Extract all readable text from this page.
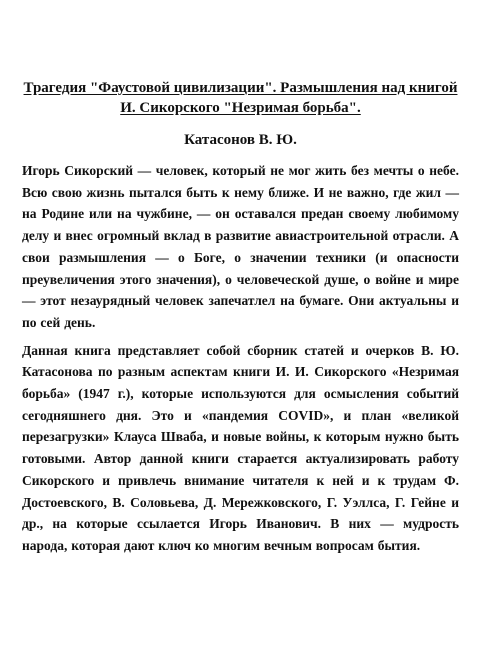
Трагедия "Фаустовой цивилизации". Размышления над книгой И. Сикорского "Незримая борьба".
Катасонов В. Ю.

Игорь Сикорский — человек, который не мог жить без мечты о небе. Всю свою жизнь пытался быть к нему ближе. И не важно, где жил — на Родине или на чужбине, — он оставался предан своему любимому делу и внес огромный вклад в развитие авиастроительной отрасли. А свои размышления — о Боге, о значении техники (и опасности преувеличения этого значения), о человеческой душе, о войне и мире — этот незаурядный человек запечатлел на бумаге. Они актуальны и по сей день.

Данная книга представляет собой сборник статей и очерков В. Ю. Катасонова по разным аспектам книги И. И. Сикорского «Незримая борьба» (1947 г.), которые используются для осмысления событий сегодняшнего дня. Это и «пандемия COVID», и план «великой перезагрузки» Клауса Шваба, и новые войны, к которым нужно быть готовыми. Автор данной книги старается актуализировать работу Сикорского и привлечь внимание читателя к ней и к трудам Ф. Достоевского, В. Соловьева, Д. Мережковского, Г. Уэллса, Г. Гейне и др., на которые ссылается Игорь Иванович. В них — мудрость народа, которая дают ключ ко многим вечным вопросам бытия.
